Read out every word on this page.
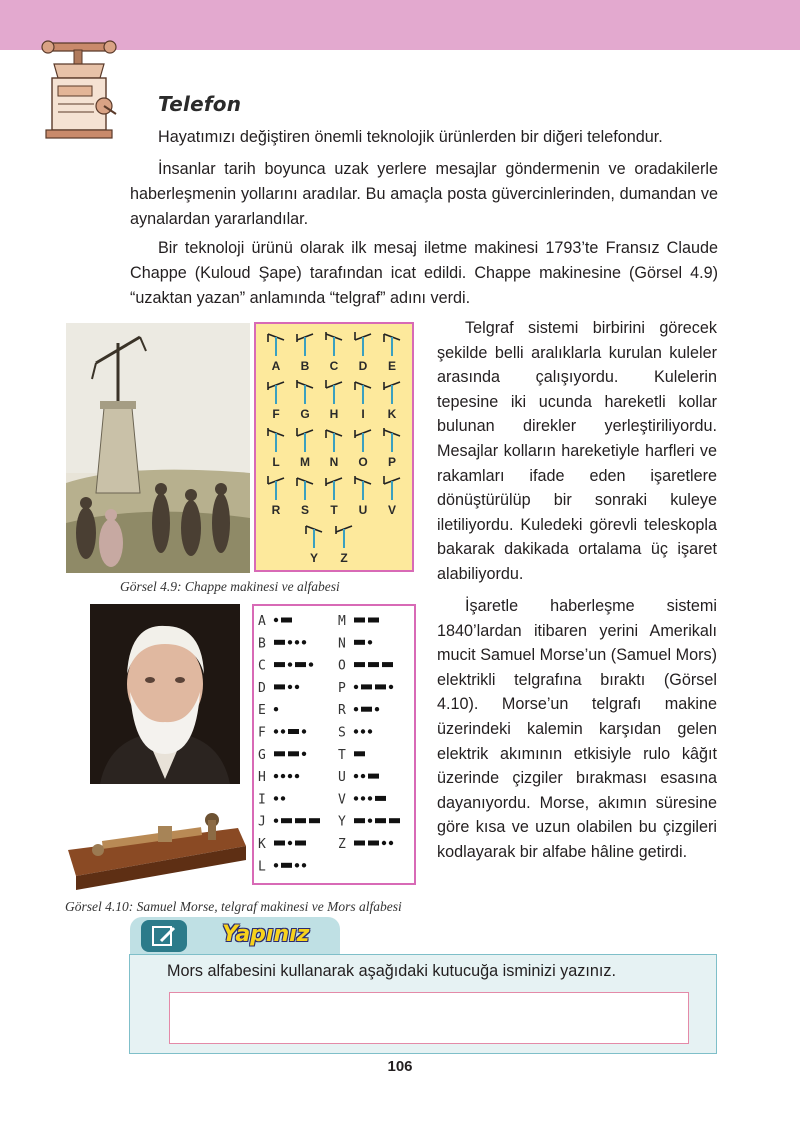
Telefon
Hayatımızı değiştiren önemli teknolojik ürünlerden bir diğeri telefondur.
İnsanlar tarih boyunca uzak yerlere mesajlar göndermenin ve oradakilerle haberleşmenin yollarını aradılar. Bu amaçla posta güvercinlerinden, dumandan ve aynalardan yararlandılar.
Bir teknoloji ürünü olarak ilk mesaj iletme makinesi 1793’te Fransız Claude Chappe (Kuloud Şape) tarafından icat edildi. Chappe makinesine (Görsel 4.9) “uzaktan yazan” anlamında “telgraf” adını verdi.
A B C D E
F G H I K
L M N O P
R S T U V
Y Z
Görsel 4.9: Chappe makinesi ve alfabesi
Telgraf sistemi birbirini görecek şekilde belli aralıklarla kurulan kuleler arasında çalışıyordu. Kulelerin tepesine iki ucunda hareketli kollar bulunan direkler yerleştiriliyordu. Mesajlar kolların hareketiyle harfleri ve rakamları ifade eden işaretlere dönüştürülüp bir sonraki kuleye iletiliyordu. Kuledeki görevli teleskopla bakarak dakikada ortalama üç işaret alabiliyordu.
A
B
C
D
E
F
G
H
I
J
K
L
M
N
O
P
R
S
T
U
V
Y
Z
Görsel 4.10: Samuel Morse, telgraf makinesi ve Mors alfabesi
İşaretle haberleşme sistemi 1840’lardan itibaren yerini Amerikalı mucit Samuel Morse’un (Samuel Mors) elektrikli telgrafına bıraktı (Görsel 4.10). Morse’un telgrafı makine üzerindeki kalemin karşıdan gelen elektrik akımının etkisiyle rulo kâğıt üzerinde çizgiler bırakması esasına dayanıyordu. Morse, akımın süresine göre kısa ve uzun olabilen bu çizgileri kodlayarak bir alfabe hâline getirdi.
Yapınız
Mors alfabesini kullanarak aşağıdaki kutucuğa isminizi yazınız.
106
